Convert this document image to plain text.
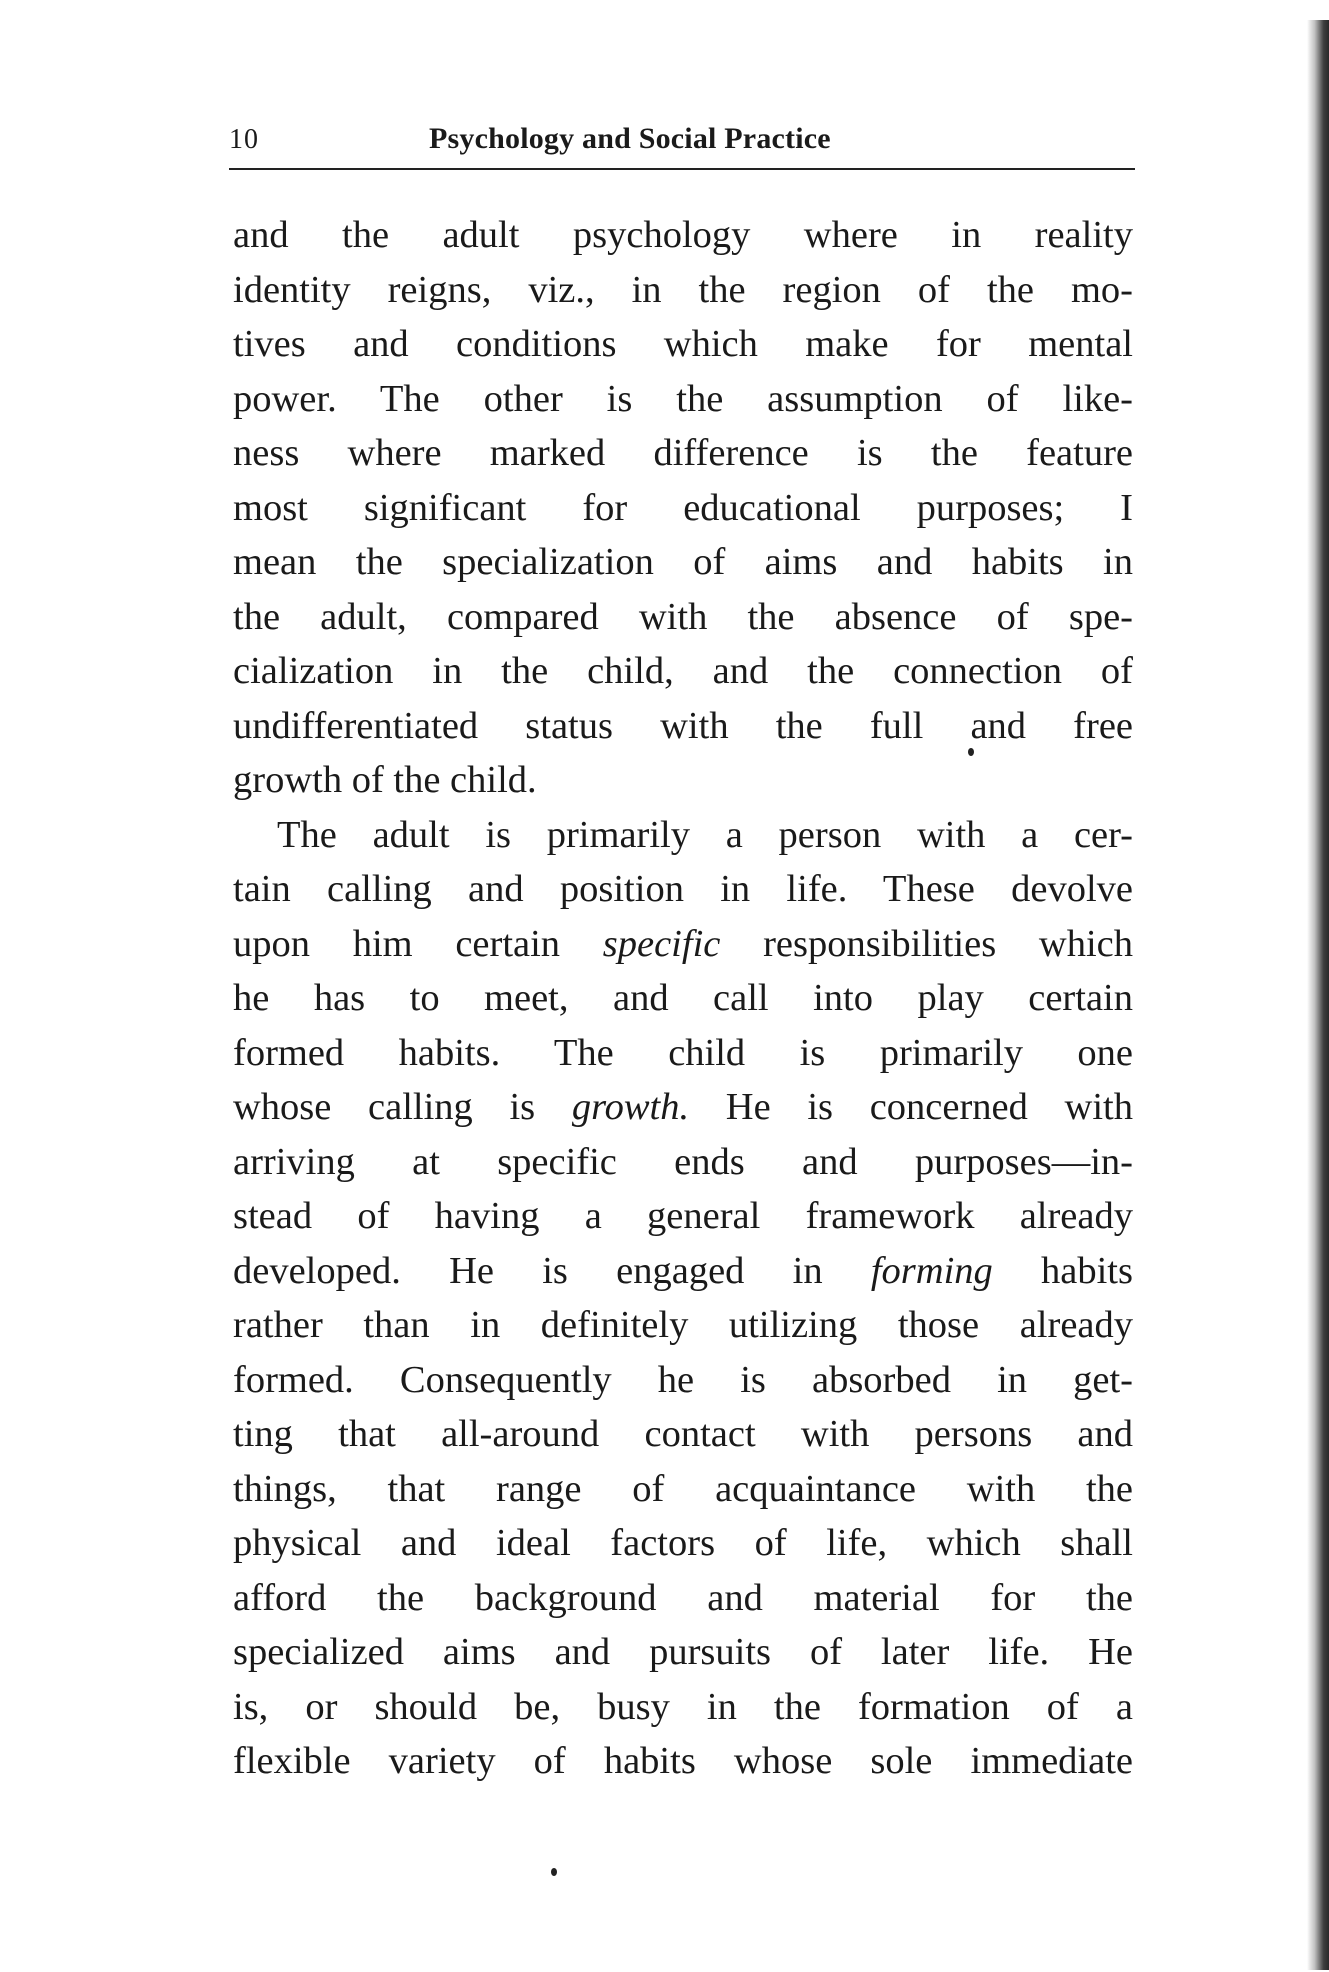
10	Psychology and Social Practice
and the adult psychology where in reality
identity reigns, viz., in the region of the mo-
tives and conditions which make for mental
power. The other is the assumption of like-
ness where marked difference is the feature
most significant for educational purposes; I
mean the specialization of aims and habits in
the adult, compared with the absence of spe-
cialization in the child, and the connection of
undifferentiated status with the full and free
growth of the child.
The adult is primarily a person with a cer-
tain calling and position in life. These devolve
upon him certain specific responsibilities which
he has to meet, and call into play certain
formed habits. The child is primarily one
whose calling is growth. He is concerned with
arriving at specific ends and purposes—in-
stead of having a general framework already
developed. He is engaged in forming habits
rather than in definitely utilizing those already
formed. Consequently he is absorbed in get-
ting that all-around contact with persons and
things, that range of acquaintance with the
physical and ideal factors of life, which shall
afford the background and material for the
specialized aims and pursuits of later life. He
is, or should be, busy in the formation of a
flexible variety of habits whose sole immediate
